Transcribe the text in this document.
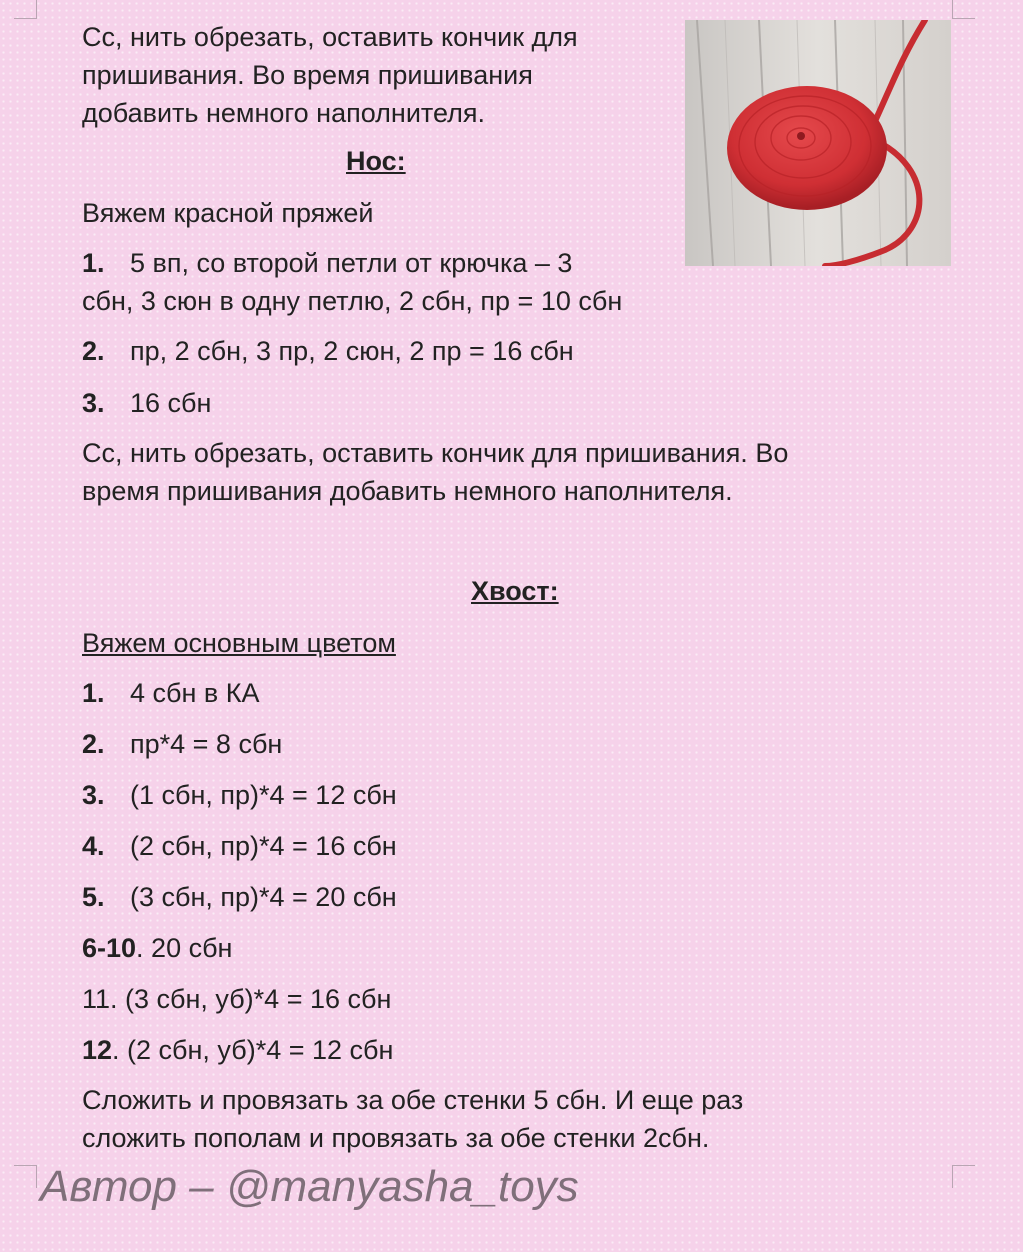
Сс, нить обрезать, оставить кончик для
пришивания. Во время пришивания
добавить немного наполнителя.
Нос:
Вяжем красной пряжей
1. 5 вп, со второй петли от крючка – 3
сбн, 3 сюн в одну петлю, 2 сбн, пр = 10 сбн
2. пр, 2 сбн, 3 пр, 2 сюн, 2 пр = 16 сбн
3. 16 сбн
Сс, нить обрезать, оставить кончик для пришивания. Во
время пришивания добавить немного наполнителя.
Хвост:
Вяжем основным цветом
1. 4 сбн в КА
2. пр*4 = 8 сбн
3. (1 сбн, пр)*4 = 12 сбн
4. (2 сбн, пр)*4 = 16 сбн
5. (3 сбн, пр)*4 = 20 сбн
6-10. 20 сбн
11. (3 сбн, уб)*4 = 16 сбн
12. (2 сбн, уб)*4 = 12 сбн
Сложить и провязать за обе стенки 5 сбн. И еще раз
сложить пополам и провязать за обе стенки 2сбн.
Автор – @manyasha_toys
